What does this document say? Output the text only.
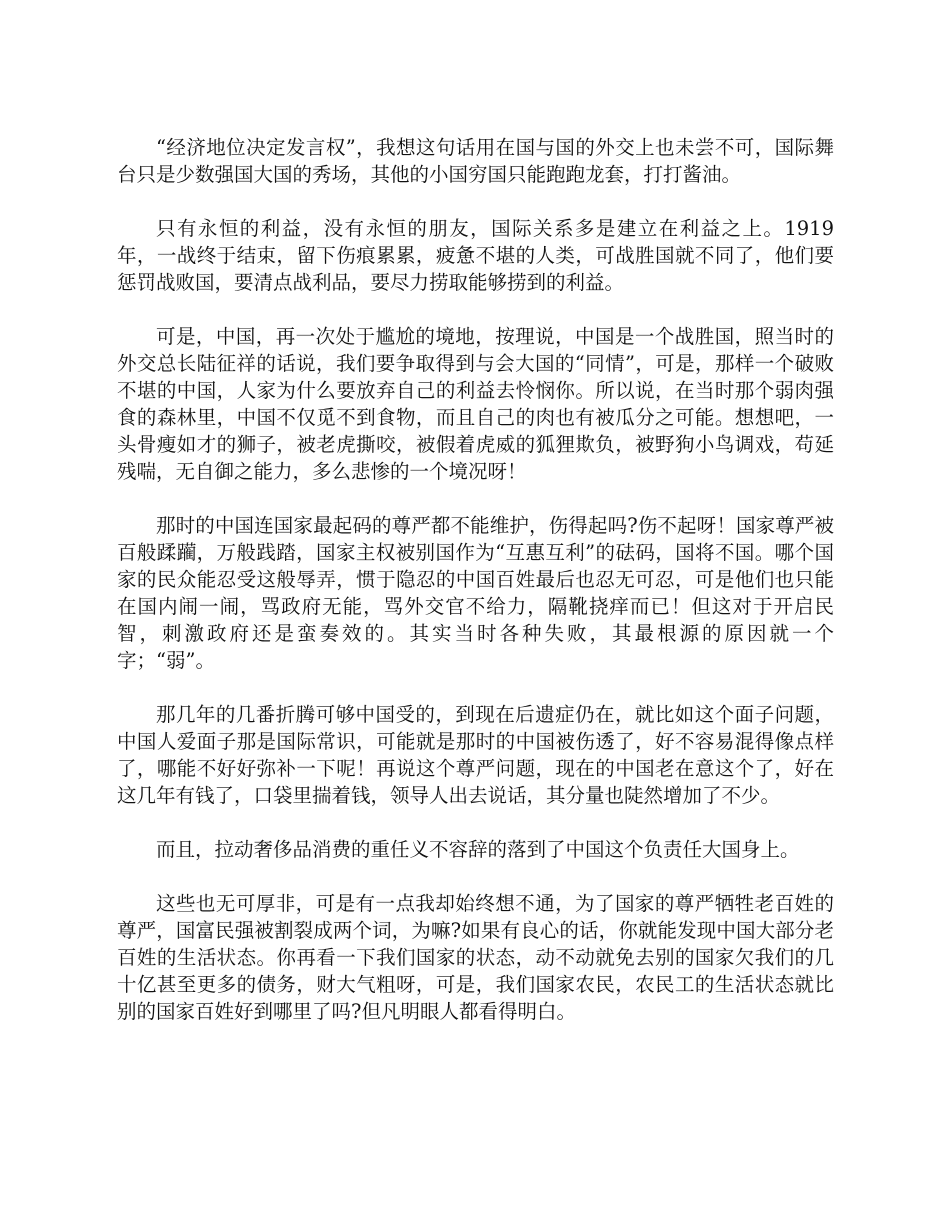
“经济地位决定发言权”，我想这句话用在国与国的外交上也未尝不可，国际舞台只是少数强国大国的秀场，其他的小国穷国只能跑跑龙套，打打酱油。

只有永恒的利益，没有永恒的朋友，国际关系多是建立在利益之上。1919 年，一战终于结束，留下伤痕累累，疲惫不堪的人类，可战胜国就不同了，他们要惩罚战败国，要清点战利品，要尽力捞取能够捞到的利益。

可是，中国，再一次处于尴尬的境地，按理说，中国是一个战胜国，照当时的外交总长陆征祥的话说，我们要争取得到与会大国的“同情”，可是，那样一个破败不堪的中国，人家为什么要放弃自己的利益去怜悯你。所以说，在当时那个弱肉强食的森林里，中国不仅觅不到食物，而且自己的肉也有被瓜分之可能。想想吧，一头骨瘦如才的狮子，被老虎撕咬，被假着虎威的狐狸欺负，被野狗小鸟调戏，苟延残喘，无自御之能力，多么悲惨的一个境况呀！

那时的中国连国家最起码的尊严都不能维护，伤得起吗?伤不起呀！国家尊严被百般蹂躏，万般践踏，国家主权被别国作为“互惠互利”的砝码，国将不国。哪个国家的民众能忍受这般辱弄，惯于隐忍的中国百姓最后也忍无可忍，可是他们也只能在国内闹一闹，骂政府无能，骂外交官不给力，隔靴挠痒而已！但这对于开启民智，刺激政府还是蛮奏效的。其实当时各种失败，其最根源的原因就一个字；“弱”。

那几年的几番折腾可够中国受的，到现在后遗症仍在，就比如这个面子问题，中国人爱面子那是国际常识，可能就是那时的中国被伤透了，好不容易混得像点样了，哪能不好好弥补一下呢！再说这个尊严问题，现在的中国老在意这个了，好在这几年有钱了，口袋里揣着钱，领导人出去说话，其分量也陡然增加了不少。

而且，拉动奢侈品消费的重任义不容辞的落到了中国这个负责任大国身上。

这些也无可厚非，可是有一点我却始终想不通，为了国家的尊严牺牲老百姓的尊严，国富民强被割裂成两个词，为嘛?如果有良心的话，你就能发现中国大部分老百姓的生活状态。你再看一下我们国家的状态，动不动就免去别的国家欠我们的几十亿甚至更多的债务，财大气粗呀，可是，我们国家农民，农民工的生活状态就比别的国家百姓好到哪里了吗?但凡明眼人都看得明白。
